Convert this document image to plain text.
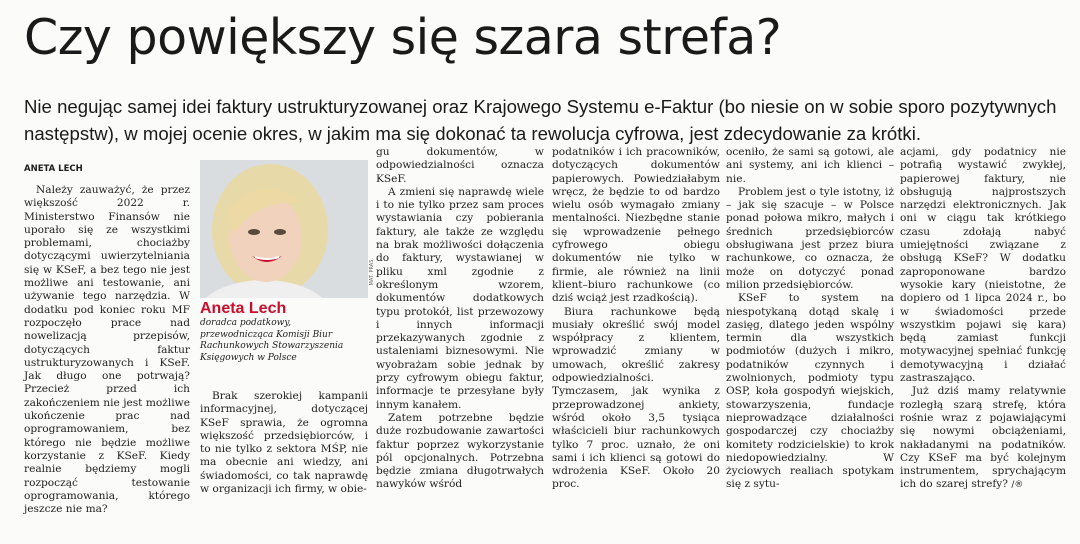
Czy powiększy się szara strefa?
Nie negując samej idei faktury ustrukturyzowanej oraz Krajowego Systemu e-Faktur (bo niesie on w sobie sporo pozytywnych następstw), w mojej ocenie okres, w jakim ma się dokonać ta rewolucja cyfrowa, jest zdecydowanie za krótki.
ANETA LECH

Należy zauważyć, że przez większość 2022 r. Ministerstwo Finansów nie uporało się ze wszystkimi problemami, chociażby dotyczącymi uwierzytelniania się w KSeF, a bez tego nie jest możliwe ani testowanie, ani używanie tego narzędzia. W dodatku pod koniec roku MF rozpoczęło prace nad nowelizacją przepisów, dotyczących faktur ustrukturyzowanych i KSeF. Jak długo one potrwają? Przecież przed ich zakończeniem nie jest możliwe ukończenie prac nad oprogramowaniem, bez którego nie będzie możliwe korzystanie z KSeF. Kiedy realnie będziemy mogli rozpocząć testowanie oprogramowania, którego jeszcze nie ma?

MAT. PRAS.
Aneta Lech
doradca podatkowy, przewodnicząca Komisji Biur Rachunkowych Stowarzyszenia Księgowych w Polsce

Brak szerokiej kampanii informacyjnej, dotyczącej KSeF sprawia, że ogromna większość przedsiębiorców, i to nie tylko z sektora MŚP, nie ma obecnie ani wiedzy, ani świadomości, co tak naprawdę w organizacji ich firmy, w obie-

gu dokumentów, w odpowiedzialności oznacza KSeF.

A zmieni się naprawdę wiele i to nie tylko przez sam proces wystawiania czy pobierania faktury, ale także ze względu na brak możliwości dołączenia do faktury, wystawianej w pliku xml zgodnie z określonym wzorem, dokumentów dodatkowych typu protokół, list przewozowy i innych informacji przekazywanych zgodnie z ustaleniami biznesowymi. Nie wyobrażam sobie jednak by przy cyfrowym obiegu faktur, informacje te przesyłane były innym kanałem.

Zatem potrzebne będzie duże rozbudowanie zawartości faktur poprzez wykorzystanie pól opcjonalnych. Potrzebna będzie zmiana długotrwałych nawyków wśród

podatników i ich pracowników, dotyczących dokumentów papierowych. Powiedziałabym wręcz, że będzie to od bardzo wielu osób wymagało zmiany mentalności. Niezbędne stanie się wprowadzenie pełnego cyfrowego obiegu dokumentów nie tylko w firmie, ale również na linii klient–biuro rachunkowe (co dziś wciąż jest rzadkością).

Biura rachunkowe będą musiały określić swój model współpracy z klientem, wprowadzić zmiany w umowach, określić zakresy odpowiedzialności. Tymczasem, jak wynika z przeprowadzonej ankiety, wśród około 3,5 tysiąca właścicieli biur rachunkowych tylko 7 proc. uznało, że oni sami i ich klienci są gotowi do wdrożenia KSeF. Około 20 proc.

oceniło, że sami są gotowi, ale ani systemy, ani ich klienci – nie.

Problem jest o tyle istotny, iż – jak się szacuje – w Polsce ponad połowa mikro, małych i średnich przedsiębiorców obsługiwana jest przez biura rachunkowe, co oznacza, że może on dotyczyć ponad milion przedsiębiorców.

KSeF to system na niespotykaną dotąd skalę i zasięg, dlatego jeden wspólny termin dla wszystkich podmiotów (dużych i mikro, podatników czynnych i zwolnionych, podmioty typu OSP, koła gospodyń wiejskich, stowarzyszenia, fundacje nieprowadzące działalności gospodarczej czy chociażby komitety rodzicielskie) to krok niedopowiedzialny. W życiowych realiach spotykam się z sytu-

acjami, gdy podatnicy nie potrafią wystawić zwykłej, papierowej faktury, nie obsługują najprostszych narzędzi elektronicznych. Jak oni w ciągu tak krótkiego czasu zdołają nabyć umiejętności związane z obsługą KSeF? W dodatku zaproponowane bardzo wysokie kary (nieistotne, że dopiero od 1 lipca 2024 r., bo w świadomości przede wszystkim pojawi się kara) będą zamiast funkcji motywacyjnej spełniać funkcję demotywacyjną i działać zastraszająco.

Już dziś mamy relatywnie rozległą szarą strefę, która rośnie wraz z pojawiającymi się nowymi obciążeniami, nakładanymi na podatników. Czy KSeF ma być kolejnym instrumentem, sprychającym ich do szarej strefy? /®
